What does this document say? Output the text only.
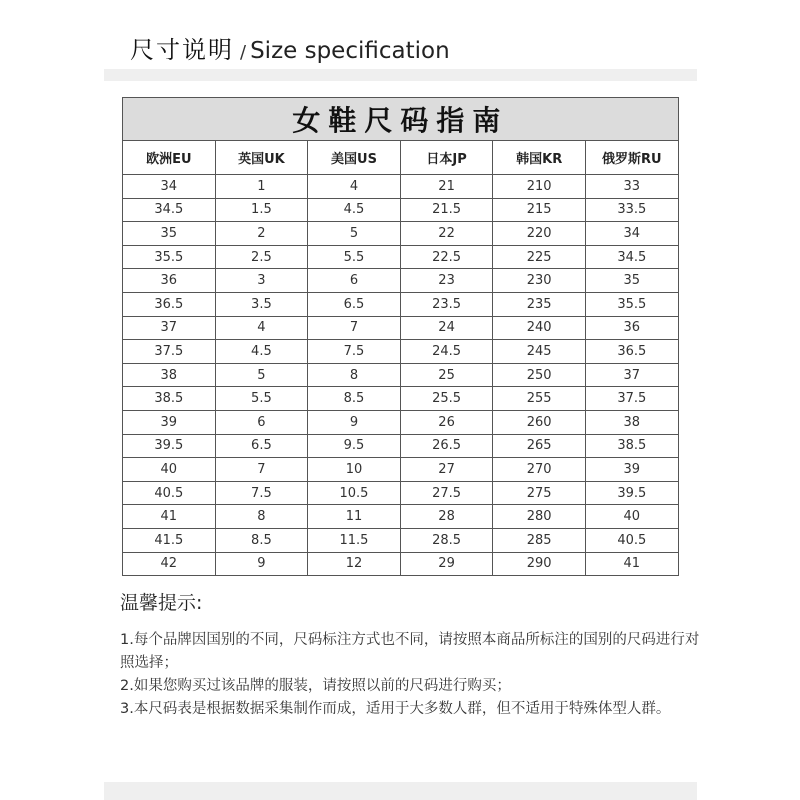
尺寸说明 / Size specification
女鞋尺码指南					
欧洲EU	英国UK	美国US	日本JP	韩国KR	俄罗斯RU
34	1	4	21	210	33
34.5	1.5	4.5	21.5	215	33.5
35	2	5	22	220	34
35.5	2.5	5.5	22.5	225	34.5
36	3	6	23	230	35
36.5	3.5	6.5	23.5	235	35.5
37	4	7	24	240	36
37.5	4.5	7.5	24.5	245	36.5
38	5	8	25	250	37
38.5	5.5	8.5	25.5	255	37.5
39	6	9	26	260	38
39.5	6.5	9.5	26.5	265	38.5
40	7	10	27	270	39
40.5	7.5	10.5	27.5	275	39.5
41	8	11	28	280	40
41.5	8.5	11.5	28.5	285	40.5
42	9	12	29	290	41
温馨提示:

1.每个品牌因国别的不同，尺码标注方式也不同，请按照本商品所标注的国别的尺码进行对照选择；

2.如果您购买过该品牌的服装，请按照以前的尺码进行购买；

3.本尺码表是根据数据采集制作而成，适用于大多数人群，但不适用于特殊体型人群。
